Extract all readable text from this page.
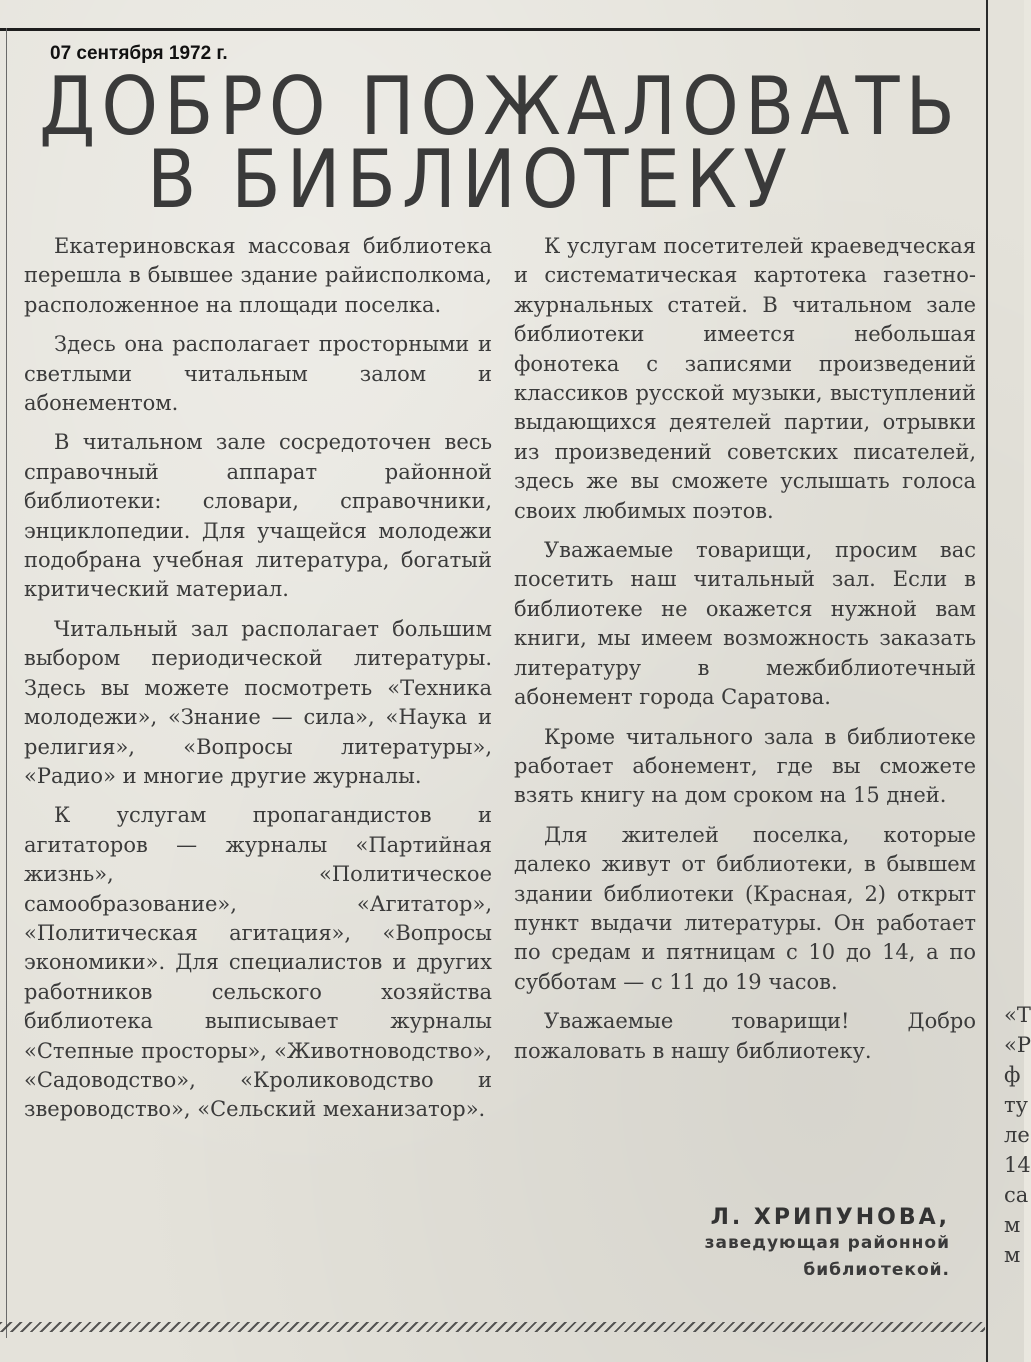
07 сентября 1972 г.
ДОБРО ПОЖАЛОВАТЬ
В БИБЛИОТЕКУ

Екатериновская массовая библиотека перешла в бывшее здание райисполкома, расположенное на площади поселка.

Здесь она располагает просторными и светлыми читальным залом и абонементом.

В читальном зале сосредоточен весь справочный аппарат районной библиотеки: словари, справочники, энциклопедии. Для учащейся молодежи подобрана учебная литература, богатый критический материал.

Читальный зал располагает большим выбором периодической литературы. Здесь вы можете посмотреть «Техника молодежи», «Знание — сила», «Наука и религия», «Вопросы литературы», «Радио» и многие другие журналы.

К услугам пропагандистов и агитаторов — журналы «Партийная жизнь», «Политическое самообразование», «Агитатор», «Политическая агитация», «Вопросы экономики». Для специалистов и других работников сельского хозяйства библиотека выписывает журналы «Степные просторы», «Животноводство», «Садоводство», «Кролиководство и звероводство», «Сельский механизатор».

К услугам посетителей краеведческая и систематическая картотека газетно-журнальных статей. В читальном зале библиотеки имеется небольшая фонотека с записями произведений классиков русской музыки, выступлений выдающихся деятелей партии, отрывки из произведений советских писателей, здесь же вы сможете услышать голоса своих любимых поэтов.

Уважаемые товарищи, просим вас посетить наш читальный зал. Если в библиотеке не окажется нужной вам книги, мы имеем возможность заказать литературу в межбиблиотечный абонемент города Саратова.

Кроме читального зала в библиотеке работает абонемент, где вы сможете взять книгу на дом сроком на 15 дней.

Для жителей поселка, которые далеко живут от библиотеки, в бывшем здании библиотеки (Красная, 2) открыт пункт выдачи литературы. Он работает по средам и пятницам с 10 до 14, а по субботам — с 11 до 19 часов.

Уважаемые товарищи! Добро пожаловать в нашу библиотеку.

Л. ХРИПУНОВА,
заведующая районной
библиотекой.
«Т
«Р
ф
ту
ле
14
са
м
м
